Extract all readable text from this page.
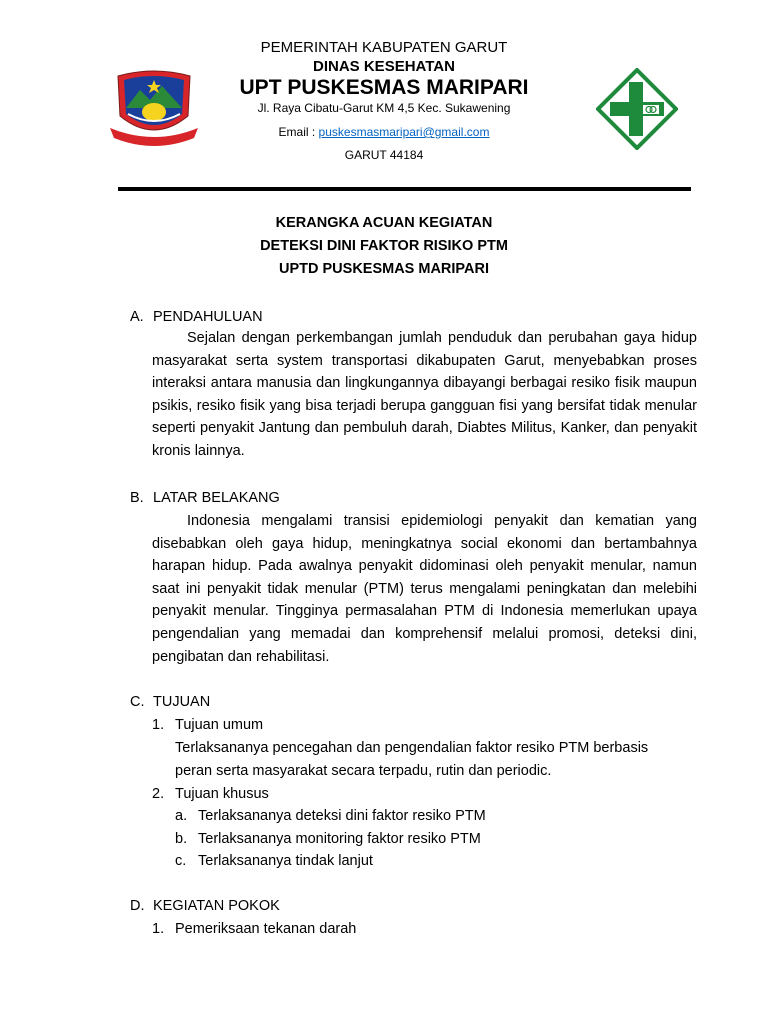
PEMERINTAH KABUPATEN GARUT
DINAS KESEHATAN
UPT PUSKESMAS MARIPARI
Jl. Raya Cibatu-Garut KM 4,5 Kec. Sukawening
Email : puskesmasmaripari@gmail.com
GARUT 44184
KERANGKA ACUAN KEGIATAN
DETEKSI DINI FAKTOR RISIKO PTM
UPTD PUSKESMAS MARIPARI
A. PENDAHULUAN
Sejalan dengan perkembangan jumlah penduduk dan perubahan gaya hidup masyarakat serta system transportasi dikabupaten Garut, menyebabkan proses interaksi antara manusia dan lingkungannya dibayangi berbagai resiko fisik maupun psikis, resiko fisik yang bisa terjadi berupa gangguan fisi yang bersifat tidak menular seperti penyakit Jantung dan pembuluh darah, Diabtes Militus, Kanker, dan penyakit kronis lainnya.
B. LATAR BELAKANG
Indonesia mengalami transisi epidemiologi penyakit dan kematian yang disebabkan oleh gaya hidup, meningkatnya social ekonomi dan bertambahnya harapan hidup. Pada awalnya penyakit didominasi oleh penyakit menular, namun saat ini penyakit tidak menular (PTM) terus mengalami peningkatan dan melebihi penyakit menular. Tingginya permasalahan PTM di Indonesia memerlukan upaya pengendalian yang memadai dan komprehensif melalui promosi, deteksi dini, pengibatan dan rehabilitasi.
C. TUJUAN
1. Tujuan umum
Terlaksananya pencegahan dan pengendalian faktor resiko PTM berbasis
peran serta masyarakat secara terpadu, rutin dan periodic.
2. Tujuan khusus
a. Terlaksananya deteksi dini faktor resiko PTM
b. Terlaksananya monitoring faktor resiko PTM
c. Terlaksananya tindak lanjut
D. KEGIATAN POKOK
1. Pemeriksaan tekanan darah
